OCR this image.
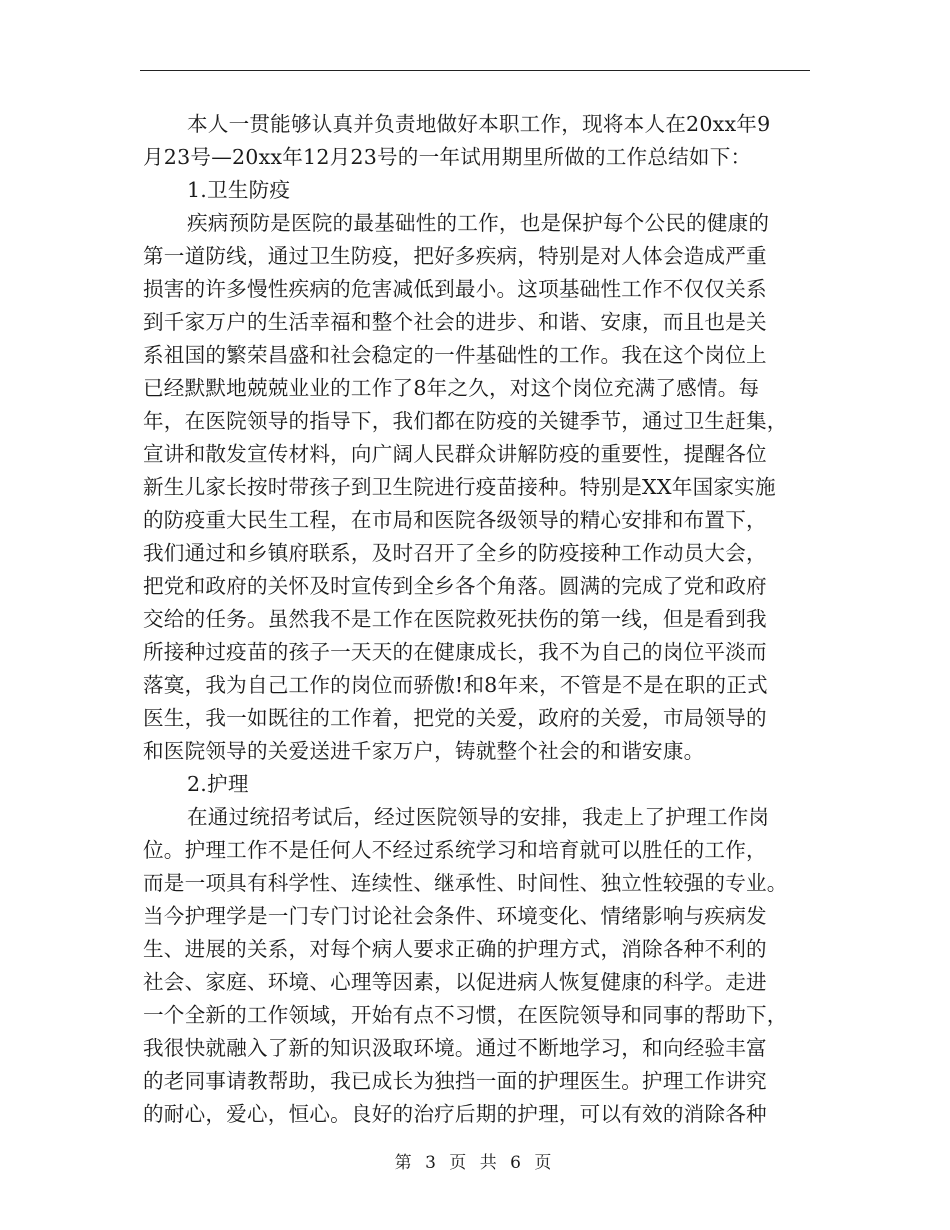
本人一贯能够认真并负责地做好本职工作，现将本人在20xx年9
月23号—20xx年12月23号的一年试用期里所做的工作总结如下：
1.卫生防疫
疾病预防是医院的最基础性的工作，也是保护每个公民的健康的
第一道防线，通过卫生防疫，把好多疾病，特别是对人体会造成严重
损害的许多慢性疾病的危害减低到最小。这项基础性工作不仅仅关系
到千家万户的生活幸福和整个社会的进步、和谐、安康，而且也是关
系祖国的繁荣昌盛和社会稳定的一件基础性的工作。我在这个岗位上
已经默默地兢兢业业的工作了8年之久，对这个岗位充满了感情。每
年，在医院领导的指导下，我们都在防疫的关键季节，通过卫生赶集，
宣讲和散发宣传材料，向广阔人民群众讲解防疫的重要性，提醒各位
新生儿家长按时带孩子到卫生院进行疫苗接种。特别是XX年国家实施
的防疫重大民生工程，在市局和医院各级领导的精心安排和布置下，
我们通过和乡镇府联系，及时召开了全乡的防疫接种工作动员大会，
把党和政府的关怀及时宣传到全乡各个角落。圆满的完成了党和政府
交给的任务。虽然我不是工作在医院救死扶伤的第一线，但是看到我
所接种过疫苗的孩子一天天的在健康成长，我不为自己的岗位平淡而
落寞，我为自己工作的岗位而骄傲!和8年来，不管是不是在职的正式
医生，我一如既往的工作着，把党的关爱，政府的关爱，市局领导的
和医院领导的关爱送进千家万户，铸就整个社会的和谐安康。
2.护理
在通过统招考试后，经过医院领导的安排，我走上了护理工作岗
位。护理工作不是任何人不经过系统学习和培育就可以胜任的工作，
而是一项具有科学性、连续性、继承性、时间性、独立性较强的专业。
当今护理学是一门专门讨论社会条件、环境变化、情绪影响与疾病发
生、进展的关系，对每个病人要求正确的护理方式，消除各种不利的
社会、家庭、环境、心理等因素，以促进病人恢复健康的科学。走进
一个全新的工作领域，开始有点不习惯，在医院领导和同事的帮助下，
我很快就融入了新的知识汲取环境。通过不断地学习，和向经验丰富
的老同事请教帮助，我已成长为独挡一面的护理医生。护理工作讲究
的耐心，爱心，恒心。良好的治疗后期的护理，可以有效的消除各种
第 3 页 共 6 页
